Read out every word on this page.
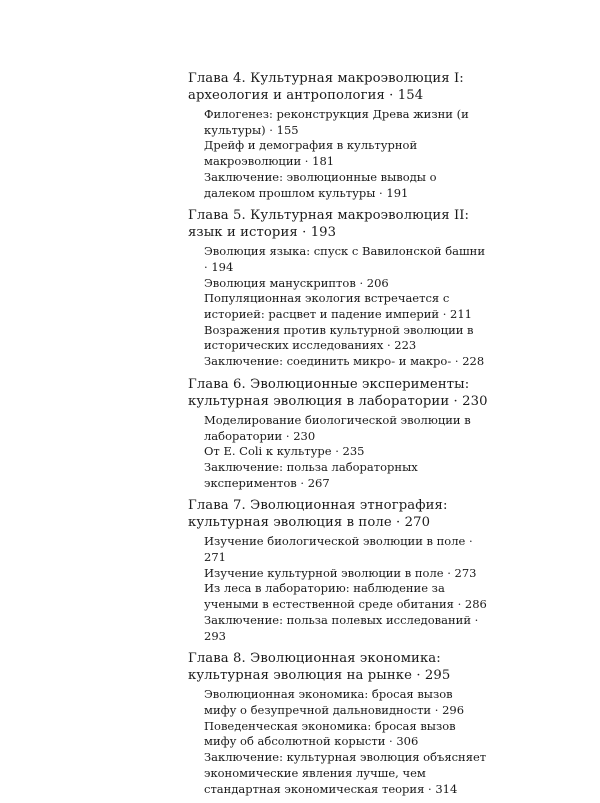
Глава 4. Культурная макроэволюция I: археология и антропология · 154
Филогенез: реконструкция Древа жизни (и культуры) · 155
Дрейф и демография в культурной макроэволюции · 181
Заключение: эволюционные выводы о далеком прошлом культуры · 191
Глава 5. Культурная макроэволюция II: язык и история · 193
Эволюция языка: спуск с Вавилонской башни · 194
Эволюция манускриптов · 206
Популяционная экология встречается с историей: расцвет и падение империй · 211
Возражения против культурной эволюции в исторических исследованиях · 223
Заключение: соединить микро- и макро- · 228
Глава 6. Эволюционные эксперименты: культурная эволюция в лаборатории · 230
Моделирование биологической эволюции в лаборатории · 230
От E. Coli к культуре · 235
Заключение: польза лабораторных экспериментов · 267
Глава 7. Эволюционная этнография: культурная эволюция в поле · 270
Изучение биологической эволюции в поле · 271
Изучение культурной эволюции в поле · 273
Из леса в лабораторию: наблюдение за учеными в естественной среде обитания · 286
Заключение: польза полевых исследований · 293
Глава 8. Эволюционная экономика: культурная эволюция на рынке · 295
Эволюционная экономика: бросая вызов мифу о безупречной дальновидности · 296
Поведенческая экономика: бросая вызов мифу об абсолютной корысти · 306
Заключение: культурная эволюция объясняет экономические явления лучше, чем стандартная экономическая теория · 314
